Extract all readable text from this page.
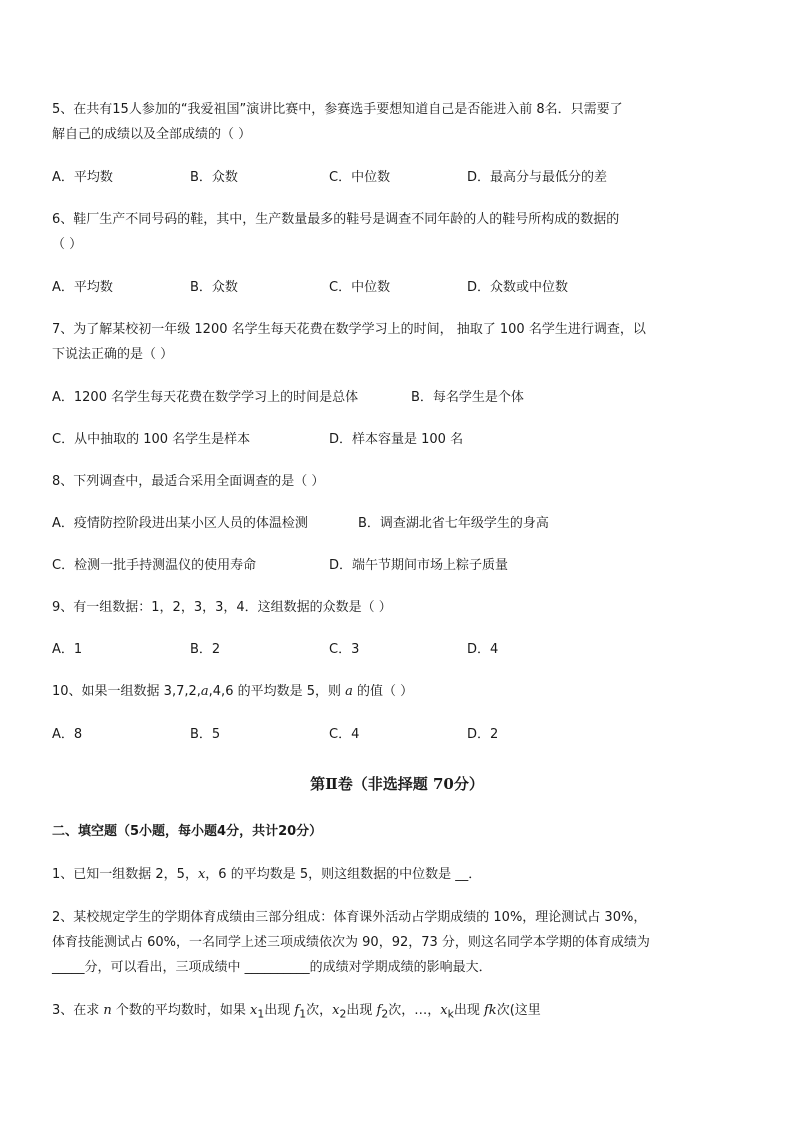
5、在共有15人参加的“我爱祖国”演讲比赛中，参赛选手要想知道自己是否能进入前 8名．只需要了
解自己的成绩以及全部成绩的（ ）
A．平均数	B．众数	C．中位数	D．最高分与最低分的差
6、鞋厂生产不同号码的鞋，其中，生产数量最多的鞋号是调查不同年龄的人的鞋号所构成的数据的
（ ）
A．平均数	B．众数	C．中位数	D．众数或中位数
7、为了解某校初一年级 1200 名学生每天花费在数学学习上的时间， 抽取了 100 名学生进行调查，以
下说法正确的是（ ）
A．1200 名学生每天花费在数学学习上的时间是总体	B．每名学生是个体
C．从中抽取的 100 名学生是样本	D．样本容量是 100 名
8、下列调查中，最适合采用全面调查的是（ ）
A．疫情防控阶段进出某小区人员的体温检测	B．调查湖北省七年级学生的身高
C．检测一批手持测温仪的使用寿命	D．端午节期间市场上粽子质量
9、有一组数据：1，2，3，3，4．这组数据的众数是（ ）
A．1	B．2	C．3	D．4
10、如果一组数据 3,7,2,a,4,6 的平均数是 5，则 a 的值（ ）
A．8	B．5	C．4	D．2
第Ⅱ卷（非选择题 70分）
二、填空题（5小题，每小题4分，共计20分）
1、已知一组数据 2，5，x，6 的平均数是 5，则这组数据的中位数是 __．
2、某校规定学生的学期体育成绩由三部分组成：体育课外活动占学期成绩的 10%，理论测试占 30%，
体育技能测试占 60%，一名同学上述三项成绩依次为 90，92，73 分，则这名同学本学期的体育成绩为
_____分，可以看出，三项成绩中 __________的成绩对学期成绩的影响最大．
3、在求 n 个数的平均数时，如果 $x_1$出现 $f_1$次，$x_2$出现 $f_2$次，…，$x_k$出现 fk次(这里
